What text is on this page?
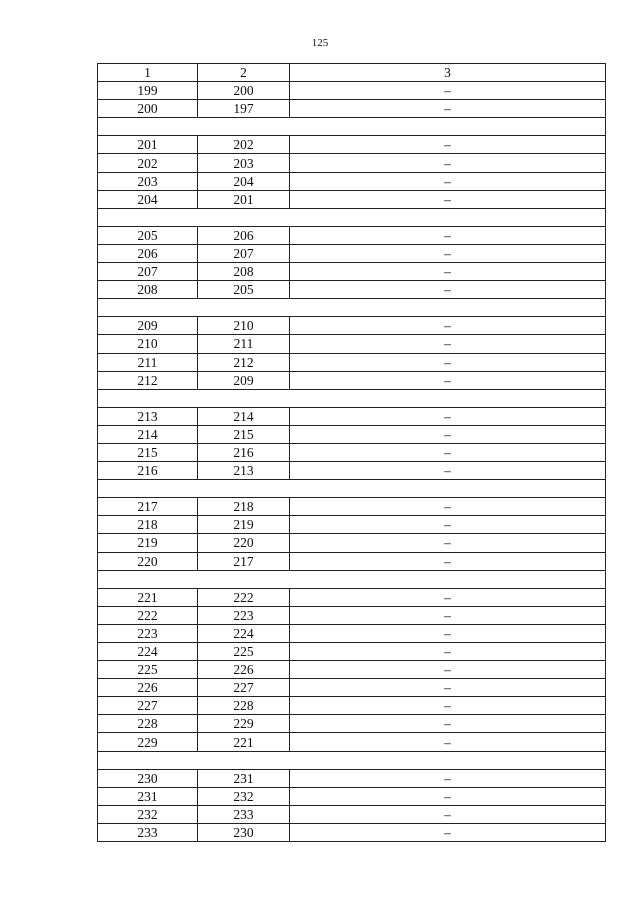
125
1	2	3
199	200	–
200	197	–

201	202	–
202	203	–
203	204	–
204	201	–

205	206	–
206	207	–
207	208	–
208	205	–

209	210	–
210	211	–
211	212	–
212	209	–

213	214	–
214	215	–
215	216	–
216	213	–

217	218	–
218	219	–
219	220	–
220	217	–

221	222	–
222	223	–
223	224	–
224	225	–
225	226	–
226	227	–
227	228	–
228	229	–
229	221	–

230	231	–
231	232	–
232	233	–
233	230	–
